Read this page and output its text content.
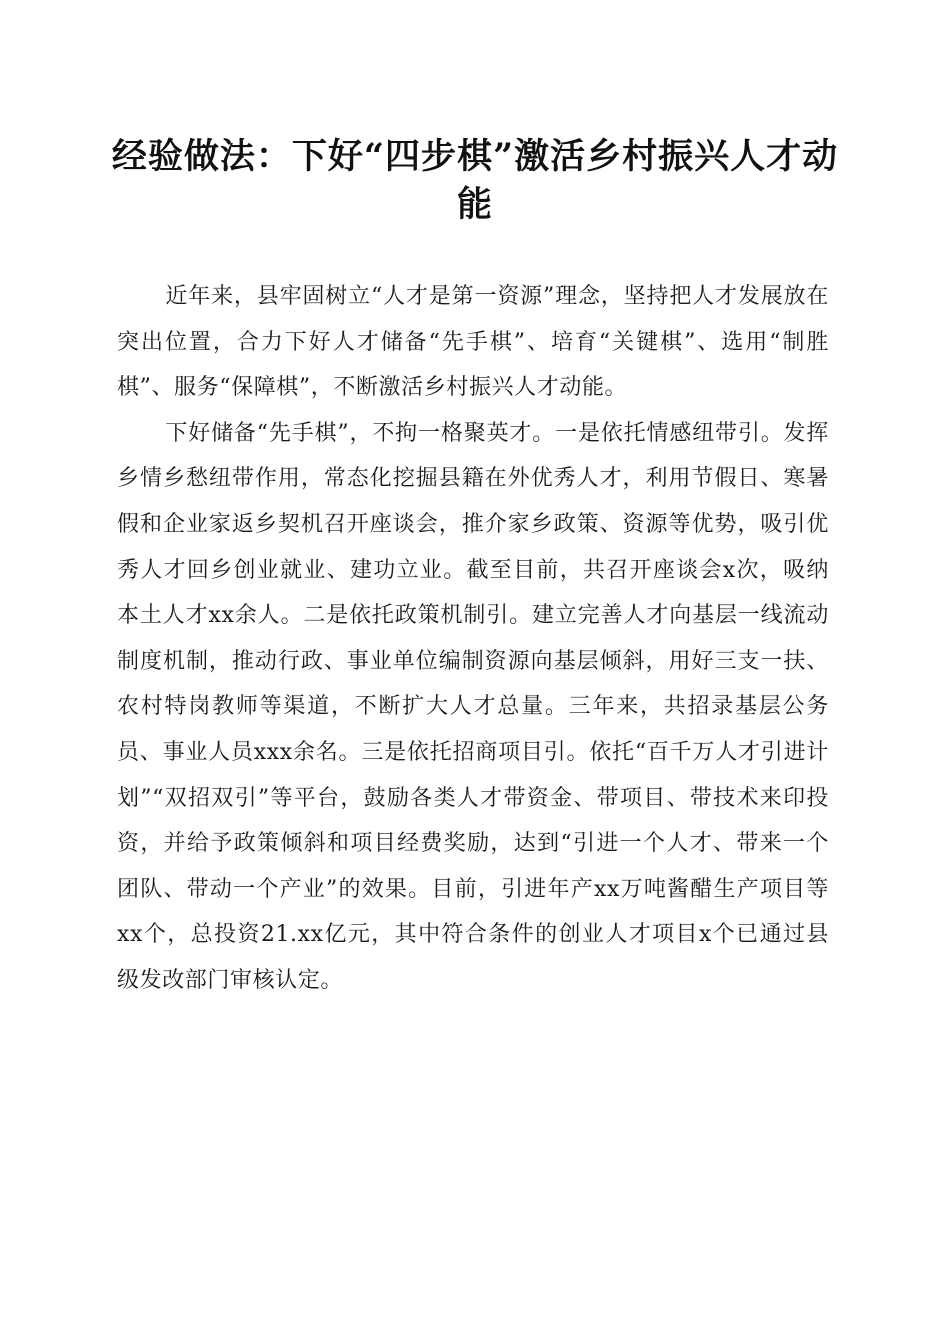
经验做法：下好“四步棋”激活乡村振兴人才动能

近年来，县牢固树立“人才是第一资源”理念，坚持把人才发展放在突出位置，合力下好人才储备“先手棋”、培育“关键棋”、选用“制胜棋”、服务“保障棋”，不断激活乡村振兴人才动能。

下好储备“先手棋”，不拘一格聚英才。一是依托情感纽带引。发挥乡情乡愁纽带作用，常态化挖掘县籍在外优秀人才，利用节假日、寒暑假和企业家返乡契机召开座谈会，推介家乡政策、资源等优势，吸引优秀人才回乡创业就业、建功立业。截至目前，共召开座谈会x次，吸纳本土人才xx余人。二是依托政策机制引。建立完善人才向基层一线流动制度机制，推动行政、事业单位编制资源向基层倾斜，用好三支一扶、农村特岗教师等渠道，不断扩大人才总量。三年来，共招录基层公务员、事业人员xxx余名。三是依托招商项目引。依托“百千万人才引进计划”“双招双引”等平台，鼓励各类人才带资金、带项目、带技术来印投资，并给予政策倾斜和项目经费奖励，达到“引进一个人才、带来一个团队、带动一个产业”的效果。目前，引进年产xx万吨酱醋生产项目等xx个，总投资21.xx亿元，其中符合条件的创业人才项目x个已通过县级发改部门审核认定。
